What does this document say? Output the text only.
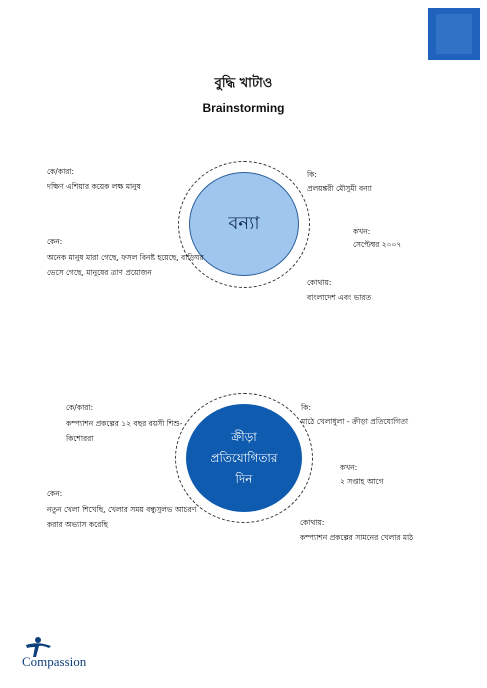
বুদ্ধি খাটাও
Brainstorming
বন্যা
কে/কারা:
দক্ষিণ এশিয়ার কয়েক লক্ষ মানুষ
কি:
প্রলয়ঙ্করী মৌসুমী বন্যা
কখন:
সেপ্টেম্বর ২০০৭
কেন:
অনেক মানুষ মারা গেছে, ফসল বিনষ্ট হয়েছে, বাড়িঘর ভেসে গেছে, মানুষের ত্রাণ প্রয়োজন
কোথায়:
বাংলাদেশ এবং ভারত
ক্রীড়া
প্রতিযোগিতার
দিন
কে/কারা:
কম্প্যাশন প্রকল্পের ১২ বছর বয়সী শিশু-কিশোররা
কি:
মাঠে খেলাধুলা - ক্রীড়া প্রতিযোগিতা
কখন:
২ সপ্তাহ আগে
কেন:
নতুন খেলা শিখেছি, খেলার সময় বন্ধুসুলভ আচরণ করার অভ্যাস করেছি	কোথায়:
কম্প্যাশন প্রকল্পের সামনের খেলার মাঠ
Compassion
